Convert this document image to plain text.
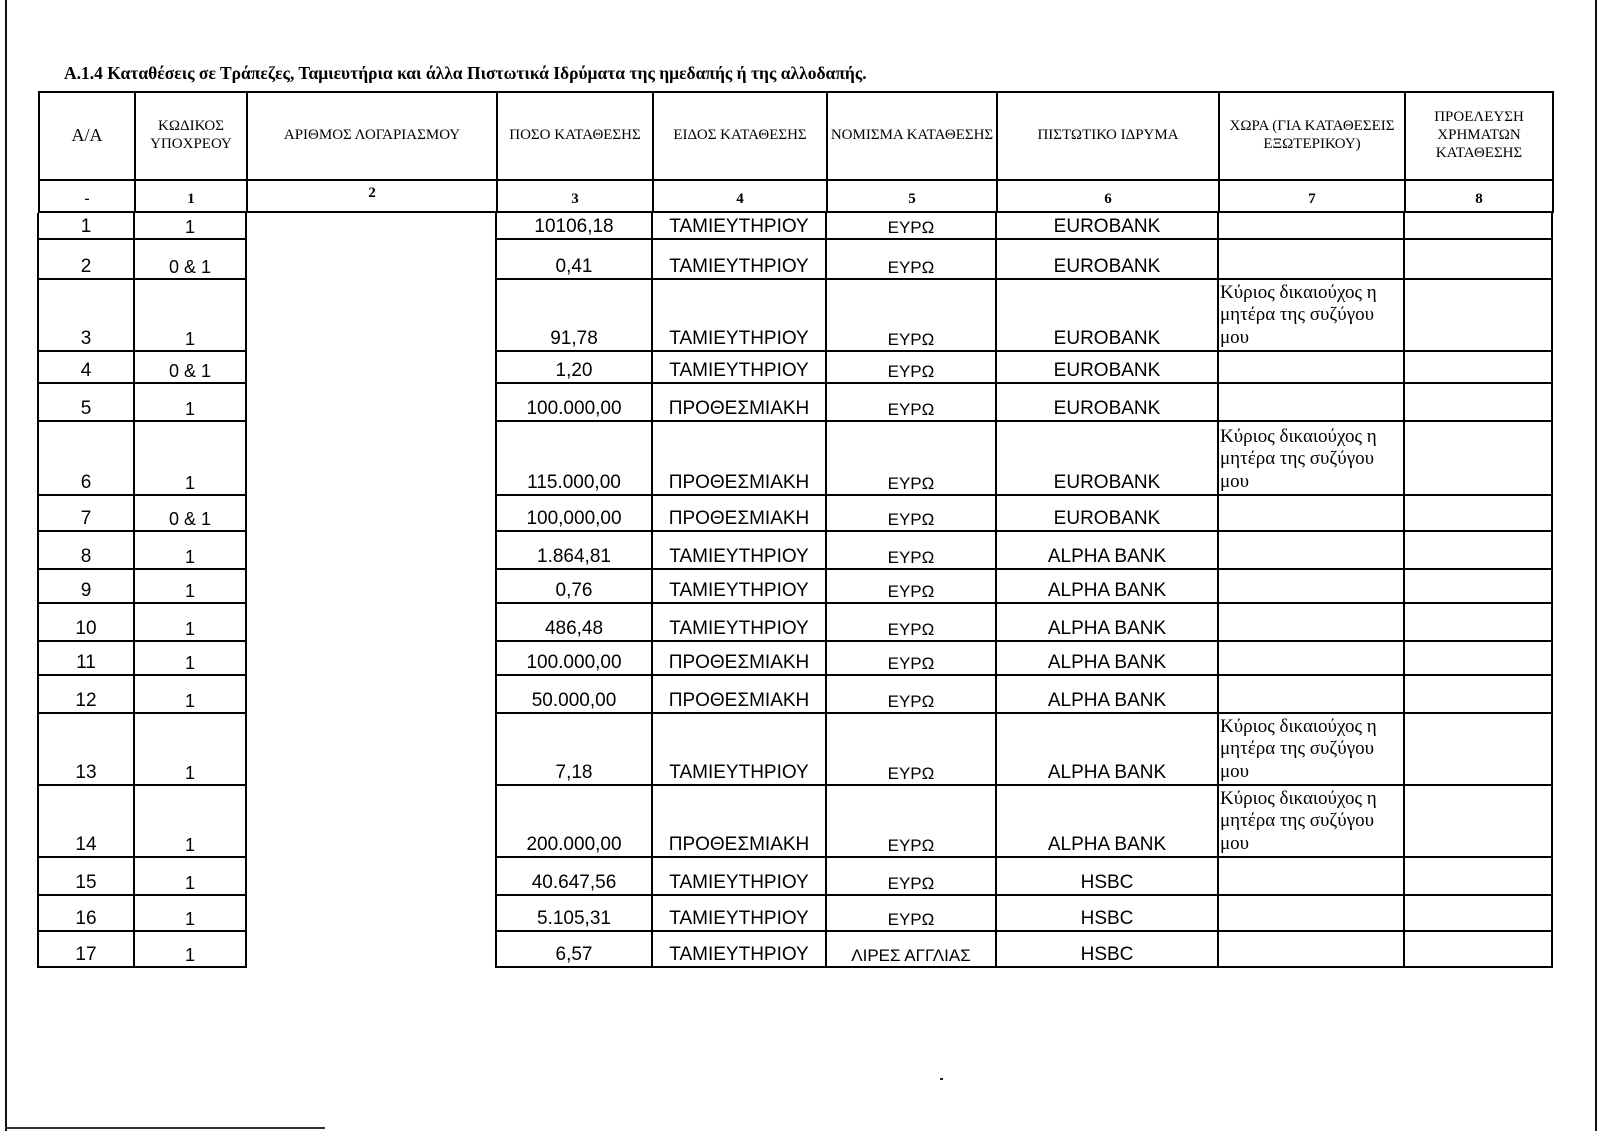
A.1.4 Καταθέσεις σε Τράπεζες, Ταμιευτήρια και άλλα Πιστωτικά Ιδρύματα της ημεδαπής ή της αλλοδαπής.
Α/Α	ΚΩΔΙΚΟΣ ΥΠΟΧΡΕΟΥ	ΑΡΙΘΜΟΣ ΛΟΓΑΡΙΑΣΜΟΥ	ΠΟΣΟ ΚΑΤΑΘΕΣΗΣ	ΕΙΔΟΣ ΚΑΤΑΘΕΣΗΣ	ΝΟΜΙΣΜΑ ΚΑΤΑΘΕΣΗΣ	ΠΙΣΤΩΤΙΚΟ ΙΔΡΥΜΑ	ΧΩΡΑ (ΓΙΑ ΚΑΤΑΘΕΣΕΙΣ ΕΞΩΤΕΡΙΚΟΥ)	ΠΡΟΕΛΕΥΣΗ ΧΡΗΜΑΤΩΝ ΚΑΤΑΘΕΣΗΣ
-	1	2	3	4	5	6	7	8
1	1		10106,18	ΤΑΜΙΕΥΤΗΡΙΟΥ	ΕΥΡΩ	EUROBANK		
2	0 & 1		0,41	ΤΑΜΙΕΥΤΗΡΙΟΥ	ΕΥΡΩ	EUROBANK		
3	1		91,78	ΤΑΜΙΕΥΤΗΡΙΟΥ	ΕΥΡΩ	EUROBANK	Κύριος δικαιούχος η μητέρα της συζύγου μου	
4	0 & 1		1,20	ΤΑΜΙΕΥΤΗΡΙΟΥ	ΕΥΡΩ	EUROBANK		
5	1		100.000,00	ΠΡΟΘΕΣΜΙΑΚΗ	ΕΥΡΩ	EUROBANK		
6	1		115.000,00	ΠΡΟΘΕΣΜΙΑΚΗ	ΕΥΡΩ	EUROBANK	Κύριος δικαιούχος η μητέρα της συζύγου μου	
7	0 & 1		100,000,00	ΠΡΟΘΕΣΜΙΑΚΗ	ΕΥΡΩ	EUROBANK		
8	1		1.864,81	ΤΑΜΙΕΥΤΗΡΙΟΥ	ΕΥΡΩ	ALPHA BANK		
9	1		0,76	ΤΑΜΙΕΥΤΗΡΙΟΥ	ΕΥΡΩ	ALPHA BANK		
10	1		486,48	ΤΑΜΙΕΥΤΗΡΙΟΥ	ΕΥΡΩ	ALPHA BANK		
11	1		100.000,00	ΠΡΟΘΕΣΜΙΑΚΗ	ΕΥΡΩ	ALPHA BANK		
12	1		50.000,00	ΠΡΟΘΕΣΜΙΑΚΗ	ΕΥΡΩ	ALPHA BANK		
13	1		7,18	ΤΑΜΙΕΥΤΗΡΙΟΥ	ΕΥΡΩ	ALPHA BANK	Κύριος δικαιούχος η μητέρα της συζύγου μου	
14	1		200.000,00	ΠΡΟΘΕΣΜΙΑΚΗ	ΕΥΡΩ	ALPHA BANK	Κύριος δικαιούχος η μητέρα της συζύγου μου	
15	1		40.647,56	ΤΑΜΙΕΥΤΗΡΙΟΥ	ΕΥΡΩ	HSBC		
16	1		5.105,31	ΤΑΜΙΕΥΤΗΡΙΟΥ	ΕΥΡΩ	HSBC		
17	1		6,57	ΤΑΜΙΕΥΤΗΡΙΟΥ	ΛΙΡΕΣ ΑΓΓΛΙΑΣ	HSBC		
